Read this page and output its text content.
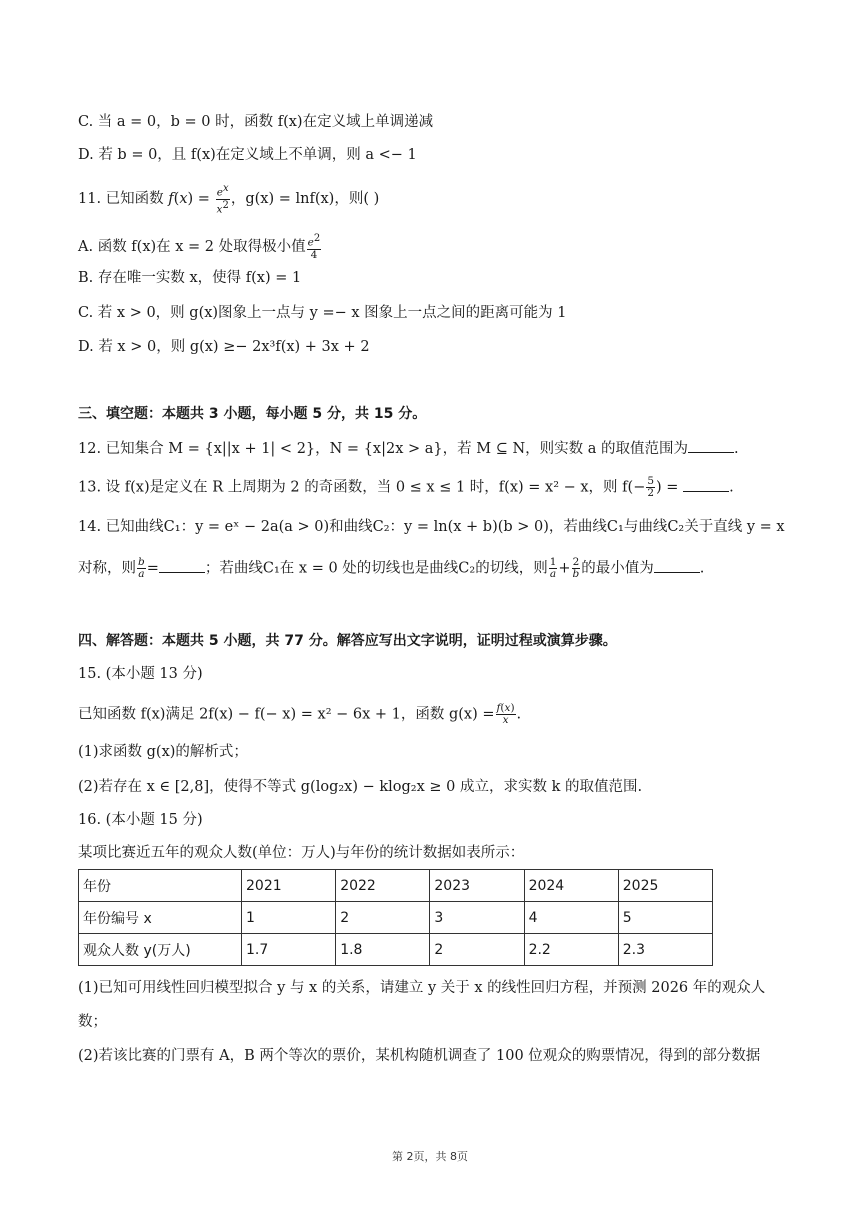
C. 当 a = 0，b = 0 时，函数 f(x)在定义域上单调递减
D. 若 b = 0，且 f(x)在定义域上不单调，则 a <− 1
11. 已知函数 $f(x) = \frac{e^x}{x^2}$ ，g(x) = lnf(x)，则( )
A. 函数 f(x)在 x = 2 处取得极小值 $\frac{e^2}{4}$
B. 存在唯一实数 x，使得 f(x) = 1
C. 若 x > 0，则 g(x)图象上一点与 y =− x 图象上一点之间的距离可能为 1
D. 若 x > 0，则 g(x) ≥− 2x³f(x) + 3x + 2
三、填空题：本题共 3 小题，每小题 5 分，共 15 分。
12. 已知集合 M = {x||x + 1| < 2}，N = {x|2x > a}，若 M ⊆ N，则实数 a 的取值范围为	.
13. 设 f(x)是定义在 R 上周期为 2 的奇函数，当 0 ≤ x ≤ 1 时，f(x) = x² − x，则 $f(- \frac{5}{2}$ ) =	.
14. 已知曲线C₁：y = eˣ − 2a(a > 0)和曲线C₂：y = ln(x + b)(b > 0)，若曲线C₁与曲线C₂关于直线 y = x
对称，则 $\frac{b}{a}$ =	；若曲线C₁在 x = 0 处的切线也是曲线C₂的切线，则 $\frac{1}{a} + \frac{2}{b}$ 的最小值为	.
四、解答题：本题共 5 小题，共 77 分。解答应写出文字说明，证明过程或演算步骤。
15. (本小题 13 分)
已知函数 f(x)满足 2f(x) − f(− x) = x² − 6x + 1，函数 $g(x) = \frac{f(x)}{x}$ .
(1)求函数 g(x)的解析式；
(2)若存在 x ∈ [2,8]，使得不等式 g(log₂x) − klog₂x ≥ 0 成立，求实数 k 的取值范围.
16. (本小题 15 分)
某项比赛近五年的观众人数(单位：万人)与年份的统计数据如表所示：
年份	2021	2022	2023	2024	2025
年份编号 x	1	2	3	4	5
观众人数 y(万人)	1.7	1.8	2	2.2	2.3
(1)已知可用线性回归模型拟合 y 与 x 的关系，请建立 y 关于 x 的线性回归方程，并预测 2026 年的观众人
数；
(2)若该比赛的门票有 A，B 两个等次的票价，某机构随机调查了 100 位观众的购票情况，得到的部分数据
第 2页，共 8页
